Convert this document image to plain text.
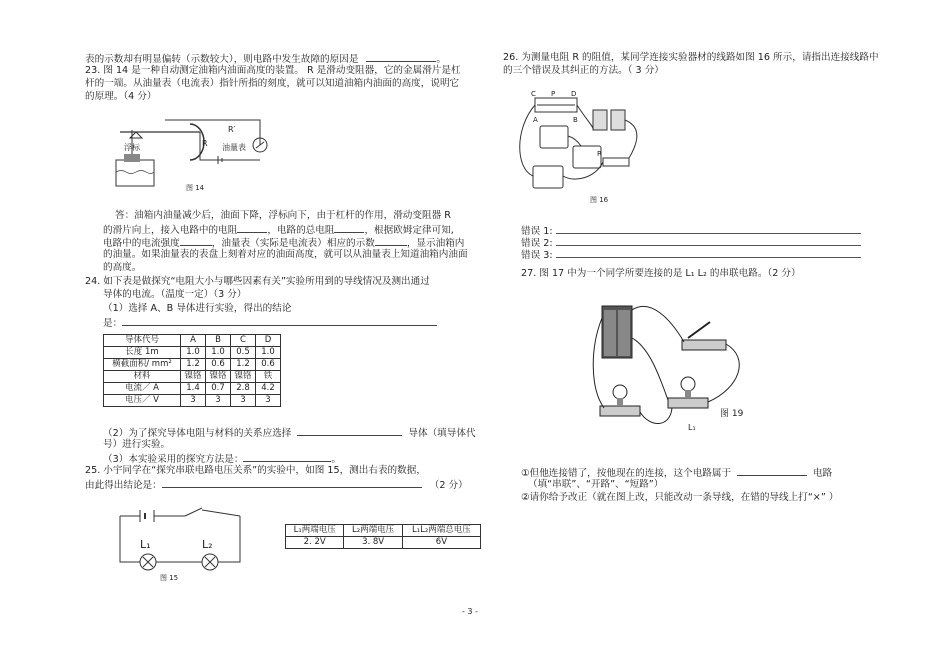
表的示数却有明显偏转（示数较大），则电路中发生故障的原因是	。
23. 图 14 是一种自动测定油箱内油面高度的装置。 R 是滑动变阻器，它的金属滑片是杠
杆的一端。从油量表（电流表）指针所指的刻度，就可以知道油箱内油面的高度，说明它
的原理。（4 分）
浮标	R
R′
油量表
图 14
答：油箱内油量减少后，油面下降，浮标向下，由于杠杆的作用，滑动变阻器 R
的滑片向上，接入电路中的电阻	，电路的总电阻	，根据欧姆定律可知,
电路中的电流强度	，油量表（实际是电流表）相应的示数	，显示油箱内
的油量。如果油量表的表盘上刻着对应的油面高度，就可以从油量表上知道油箱内油面
的高度。
24. 如下表是做探究“电阻大小与哪些因素有关”实验所用到的导线情况及测出通过
导体的电流。（温度一定）（3 分）
（1）选择 A、B 导体进行实验，得出的结论
是：
导体代号	A	B	C	D
长度 1m	1.0	1.0	0.5	1.0
横截面积/ mm²	1.2	0.6	1.2	0.6
材料	镍铬	镍铬	镍铬	铁
电流／ A	1.4	0.7	2.8	4.2
电压／ V	3	3	3	3
（2）为了探究导体电阻与材料的关系应选择	导体（填导体代
号）进行实验。
（3）本实验采用的探究方法是：	。
25. 小宇同学在“探究串联电路电压关系”的实验中，如图 15，测出右表的数据，
由此得出结论是：	（2 分）
L₁	L₂
图 15
L₁两端电压	L₂两端电压	L₁L₂两端总电压
2. 2V	3. 8V	6V
26. 为测量电阻 R 的阻值，某同学连接实验器材的线路如图 16 所示，请指出连接线路中
的三个错误及其纠正的方法。（ 3 分）
C P D
A	B
R
图 16
错误 1:
错误 2:
错误 3:
27. 图 17 中为一个同学所要连接的是 L₁ L₂ 的串联电路。（2 分）
L₁
图 19
①但他连接错了，按他现在的连接，这个电路属于	电路
（填“串联”、“开路”、“短路”）
②请你给予改正（就在图上改，只能改动一条导线，在错的导线上打“×” ）
- 3 -
